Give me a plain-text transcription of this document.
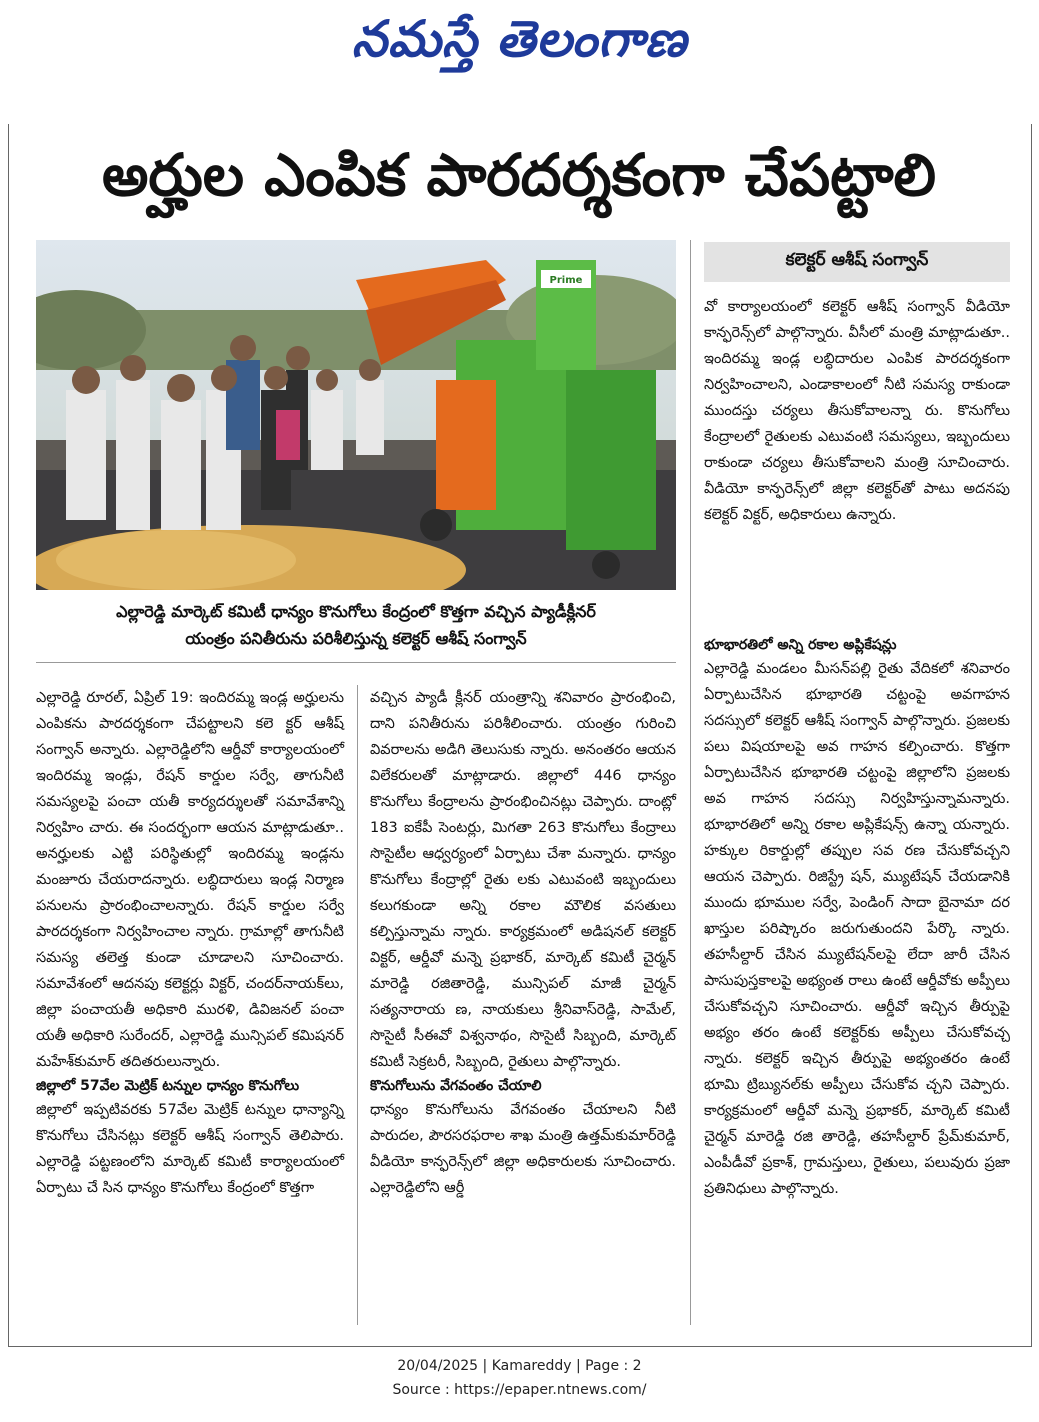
నమస్తే తెలంగాణ
అర్హుల ఎంపిక పారదర్శకంగా చేపట్టాలి
Prime
ఎల్లారెడ్డి మార్కెట్ కమిటీ ధాన్యం కొనుగోలు కేంద్రంలో కొత్తగా వచ్చిన ప్యాడీక్లీనర్
యంత్రం పనితీరును పరిశీలిస్తున్న కలెక్టర్ ఆశీష్ సంగ్వాన్
కలెక్టర్ ఆశీష్ సంగ్వాన్

వో కార్యాలయంలో కలెక్టర్ ఆశీష్ సంగ్వాన్ వీడియో కాన్ఫరెన్స్‌లో పాల్గొన్నారు. వీసీలో మంత్రి మాట్లాడుతూ.. ఇందిరమ్మ ఇండ్ల లబ్ధిదారుల ఎంపిక పారదర్శకంగా నిర్వహించాలని, ఎండాకాలంలో నీటి సమస్య రాకుండా ముందస్తు చర్యలు తీసుకోవాలన్నా రు. కొనుగోలు కేంద్రాలలో రైతులకు ఎటువంటి సమస్యలు, ఇబ్బందులు రాకుండా చర్యలు తీసుకోవాలని మంత్రి సూచించారు. వీడియో కాన్ఫరెన్స్‌లో జిల్లా కలెక్టర్‌తో పాటు అదనపు కలెక్టర్ విక్టర్, అధికారులు ఉన్నారు.

ఎల్లారెడ్డి రూరల్, ఏప్రిల్ 19: ఇందిరమ్మ ఇండ్ల అర్హులను ఎంపికను పారదర్శకంగా చేపట్టాలని కలె క్టర్ ఆశీష్ సంగ్వాన్ అన్నారు. ఎల్లారెడ్డిలోని ఆర్డీవో కార్యాలయంలో ఇందిరమ్మ ఇండ్లు, రేషన్ కార్డుల సర్వే, తాగునీటి సమస్యలపై పంచా యతీ కార్యదర్శులతో సమావేశాన్ని నిర్వహిం చారు. ఈ సందర్భంగా ఆయన మాట్లాడుతూ.. అనర్హులకు ఎట్టి పరిస్థితుల్లో ఇందిరమ్మ ఇండ్లను మంజూరు చేయరాదన్నారు. లబ్ధిదారులు ఇండ్ల నిర్మాణ పనులను ప్రారంభించాలన్నారు. రేషన్ కార్డుల సర్వే పారదర్శకంగా నిర్వహించాల న్నారు. గ్రామాల్లో తాగునీటి సమస్య తలెత్త కుండా చూడాలని సూచించారు. సమావేశంలో ఆదనపు కలెక్టర్లు విక్టర్, చందర్‌నాయక్‌లు, జిల్లా పంచాయతీ అధికారి మురళి, డివిజనల్ పంచా యతీ అధికారి సురేందర్, ఎల్లారెడ్డి మున్సిపల్ కమిషనర్ మహేశ్‌కుమార్ తదితరులున్నారు.

జిల్లాలో 57వేల మెట్రిక్ టన్నుల ధాన్యం కొనుగోలు

జిల్లాలో ఇప్పటివరకు 57వేల మెట్రిక్ టన్నుల ధాన్యాన్ని కొనుగోలు చేసినట్లు కలెక్టర్ ఆశీష్ సంగ్వాన్ తెలిపారు. ఎల్లారెడ్డి పట్టణంలోని మార్కెట్ కమిటీ కార్యాలయంలో ఏర్పాటు చే సిన ధాన్యం కొనుగోలు కేంద్రంలో కొత్తగా

వచ్చిన ప్యాడీ క్లీనర్ యంత్రాన్ని శనివారం ప్రారంభించి, దాని పనితీరును పరిశీలించారు. యంత్రం గురించి వివరాలను అడిగి తెలుసుకు న్నారు. అనంతరం ఆయన విలేకరులతో మాట్లాడారు. జిల్లాలో 446 ధాన్యం కొనుగోలు కేంద్రాలను ప్రారంభించినట్లు చెప్పారు. దాంట్లో 183 ఐకేపీ సెంటర్లు, మిగతా 263 కొనుగోలు కేంద్రాలు సొసైటీల ఆధ్వర్యంలో ఏర్పాటు చేశా మన్నారు. ధాన్యం కొనుగోలు కేంద్రాల్లో రైతు లకు ఎటువంటి ఇబ్బందులు కలుగకుండా అన్ని రకాల మౌలిక వసతులు కల్పిస్తున్నామ న్నారు. కార్యక్రమంలో అడిషనల్ కలెక్టర్ విక్టర్, ఆర్డీవో మన్నె ప్రభాకర్, మార్కెట్ కమిటీ చైర్మన్ మారెడ్డి రజితారెడ్డి, మున్సిపల్ మాజీ చైర్మన్ సత్యనారాయ ణ, నాయకులు శ్రీనివాస్‌రెడ్డి, సామేల్, సొసైటీ సీఈవో విశ్వనాథం, సొసైటీ సిబ్బంది, మార్కెట్ కమిటీ సెక్రటరీ, సిబ్బంది, రైతులు పాల్గొన్నారు.

కొనుగోలును వేగవంతం చేయాలి

ధాన్యం కొనుగోలును వేగవంతం చేయాలని నీటి పారుదల, పౌరసరఫరాల శాఖ మంత్రి ఉత్తమ్‌కుమార్‌రెడ్డి వీడియో కాన్ఫరెన్స్‌లో జిల్లా అధికారులకు సూచించారు. ఎల్లారెడ్డిలోని ఆర్డీ

భూభారతిలో అన్ని రకాల అప్లికేషన్లు

ఎల్లారెడ్డి మండలం మీసన్‌పల్లి రైతు వేదికలో శనివారం ఏర్పాటుచేసిన భూభారతి చట్టంపై అవగాహన సదస్సులో కలెక్టర్ ఆశీష్ సంగ్వాన్ పాల్గొన్నారు. ప్రజలకు పలు విషయాలపై అవ గాహన కల్పించారు. కొత్తగా ఏర్పాటుచేసిన భూభారతి చట్టంపై జిల్లాలోని ప్రజలకు అవ గాహన సదస్సు నిర్వహిస్తున్నామన్నారు. భూభారతిలో అన్ని రకాల అప్లికేషన్స్ ఉన్నా యన్నారు. హక్కుల రికార్డుల్లో తప్పుల సవ రణ చేసుకోవచ్చని ఆయన చెప్పారు. రిజిస్ట్రే షన్, మ్యుటేషన్ చేయడానికి ముందు భూముల సర్వే, పెండింగ్ సాదా బైనామా దర ఖాస్తుల పరిష్కారం జరుగుతుందని పేర్కొ న్నారు. తహసీల్దార్ చేసిన మ్యుటేషన్‌లపై లేదా జారీ చేసిన పాసుపుస్తకాలపై అభ్యంత రాలు ఉంటే ఆర్డీవోకు అప్పీలు చేసుకోవచ్చని సూచించారు. ఆర్డీవో ఇచ్చిన తీర్పుపై అభ్యం తరం ఉంటే కలెక్టర్‌కు అప్పీలు చేసుకోవచ్చ న్నారు. కలెక్టర్ ఇచ్చిన తీర్పుపై అభ్యంతరం ఉంటే భూమి ట్రిబ్యునల్‌కు అప్పీలు చేసుకోవ చ్చని చెప్పారు. కార్యక్రమంలో ఆర్డీవో మన్నె ప్రభాకర్, మార్కెట్ కమిటీ చైర్మన్ మారెడ్డి రజి తారెడ్డి, తహసీల్దార్ ప్రేమ్‌కుమార్, ఎంపీడీవో ప్రకాశ్, గ్రామస్తులు, రైతులు, పలువురు ప్రజా ప్రతినిధులు పాల్గొన్నారు.

20/04/2025 | Kamareddy | Page : 2
Source : https://epaper.ntnews.com/
